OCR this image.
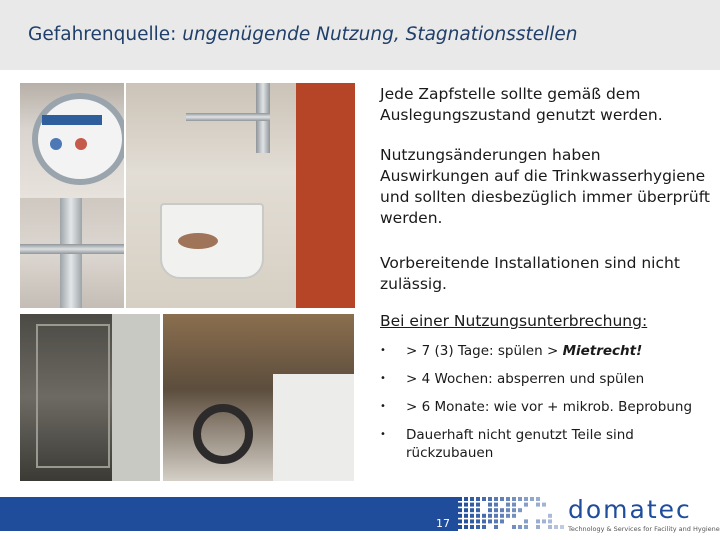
Gefahrenquelle: ungenügende Nutzung, Stagnationsstellen
Jede Zapfstelle sollte gemäß dem Auslegungszustand genutzt werden.
Nutzungsänderungen haben Auswirkungen auf die Trinkwasserhygiene und sollten diesbezüglich immer überprüft werden.
Vorbereitende Installationen sind nicht zulässig.
Bei einer Nutzungsunterbrechung:
• > 7 (3) Tage: spülen > Mietrecht!
• > 4 Wochen: absperren und spülen
• > 6 Monate: wie vor + mikrob. Beprobung
• Dauerhaft nicht genutzt Teile sind rückzubauen
17	domatec
Technology & Services for Facility and Hygiene
